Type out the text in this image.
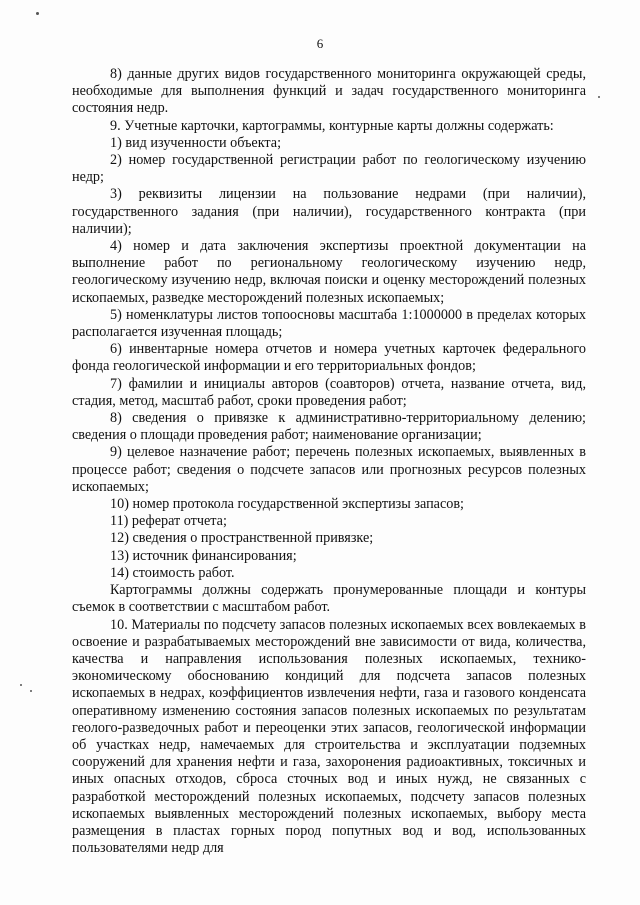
6

8) данные других видов государственного мониторинга окружающей среды, необходимые для выполнения функций и задач государственного мониторинга состояния недр.

9. Учетные карточки, картограммы, контурные карты должны содержать:

1) вид изученности объекта;

2) номер государственной регистрации работ по геологическому изучению недр;

3) реквизиты лицензии на пользование недрами (при наличии), государственного задания (при наличии), государственного контракта (при наличии);

4) номер и дата заключения экспертизы проектной документации на выполнение работ по региональному геологическому изучению недр, геологическому изучению недр, включая поиски и оценку месторождений полезных ископаемых, разведке месторождений полезных ископаемых;

5) номенклатуры листов топоосновы масштаба 1:1000000 в пределах которых располагается изученная площадь;

6) инвентарные номера отчетов и номера учетных карточек федерального фонда геологической информации и его территориальных фондов;

7) фамилии и инициалы авторов (соавторов) отчета, название отчета, вид, стадия, метод, масштаб работ, сроки проведения работ;

8) сведения о привязке к административно-территориальному делению; сведения о площади проведения работ; наименование организации;

9) целевое назначение работ; перечень полезных ископаемых, выявленных в процессе работ; сведения о подсчете запасов или прогнозных ресурсов полезных ископаемых;

10) номер протокола государственной экспертизы запасов;

11) реферат отчета;

12) сведения о пространственной привязке;

13) источник финансирования;

14) стоимость работ.

Картограммы должны содержать пронумерованные площади и контуры съемок в соответствии с масштабом работ.

10. Материалы по подсчету запасов полезных ископаемых всех вовлекаемых в освоение и разрабатываемых месторождений вне зависимости от вида, количества, качества и направления использования полезных ископаемых, технико-экономическому обоснованию кондиций для подсчета запасов полезных ископаемых в недрах, коэффициентов извлечения нефти, газа и газового конденсата оперативному изменению состояния запасов полезных ископаемых по результатам геолого-разведочных работ и переоценки этих запасов, геологической информации об участках недр, намечаемых для строительства и эксплуатации подземных сооружений для хранения нефти и газа, захоронения радиоактивных, токсичных и иных опасных отходов, сброса сточных вод и иных нужд, не связанных с разработкой месторождений полезных ископаемых, подсчету запасов полезных ископаемых выявленных месторождений полезных ископаемых, выбору места размещения в пластах горных пород попутных вод и вод, использованных пользователями недр для
